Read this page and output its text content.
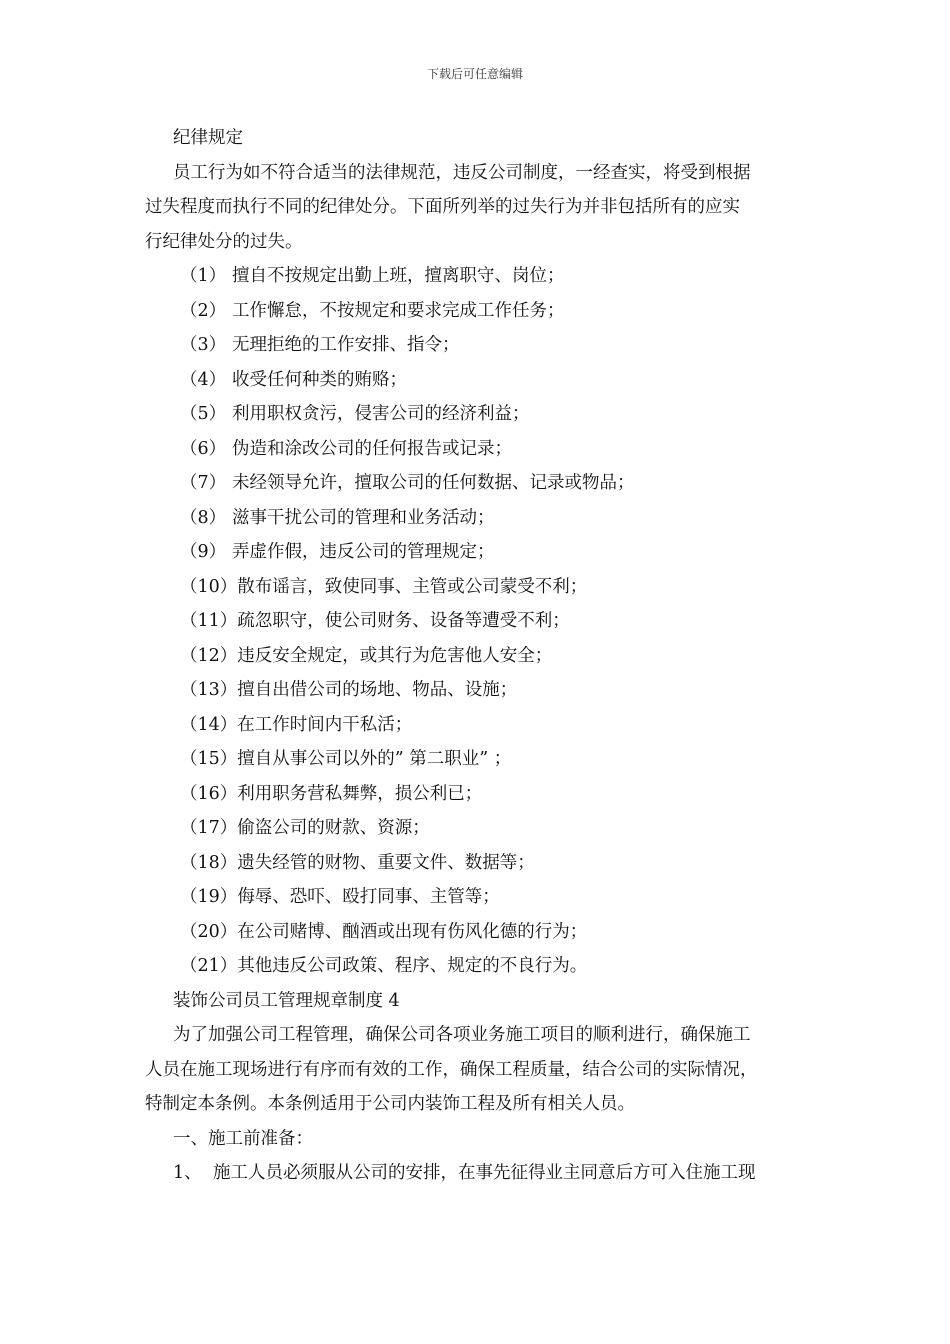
下载后可任意编辑
纪律规定
员工行为如不符合适当的法律规范，违反公司制度，一经查实，将受到根据
过失程度而执行不同的纪律处分。下面所列举的过失行为并非包括所有的应实
行纪律处分的过失。
（1） 擅自不按规定出勤上班，擅离职守、岗位；
（2） 工作懈怠，不按规定和要求完成工作任务；
（3） 无理拒绝的工作安排、指令；
（4） 收受任何种类的贿赂；
（5） 利用职权贪污，侵害公司的经济利益；
（6） 伪造和涂改公司的任何报告或记录；
（7） 未经领导允许，擅取公司的任何数据、记录或物品；
（8） 滋事干扰公司的管理和业务活动；
（9） 弄虚作假，违反公司的管理规定；
（10）散布谣言，致使同事、主管或公司蒙受不利；
（11）疏忽职守，使公司财务、设备等遭受不利；
（12）违反安全规定，或其行为危害他人安全；
（13）擅自出借公司的场地、物品、设施；
（14）在工作时间内干私活；
（15）擅自从事公司以外的” 第二职业” ；
（16）利用职务营私舞弊，损公利已；
（17）偷盗公司的财款、资源；
（18）遗失经管的财物、重要文件、数据等；
（19）侮辱、恐吓、殴打同事、主管等；
（20）在公司赌博、酗酒或出现有伤风化德的行为；
（21）其他违反公司政策、程序、规定的不良行为。
装饰公司员工管理规章制度 4
为了加强公司工程管理，确保公司各项业务施工项目的顺利进行，确保施工
人员在施工现场进行有序而有效的工作，确保工程质量，结合公司的实际情况，
特制定本条例。本条例适用于公司内装饰工程及所有相关人员。
一、施工前准备：
1、 施工人员必须服从公司的安排，在事先征得业主同意后方可入住施工现
